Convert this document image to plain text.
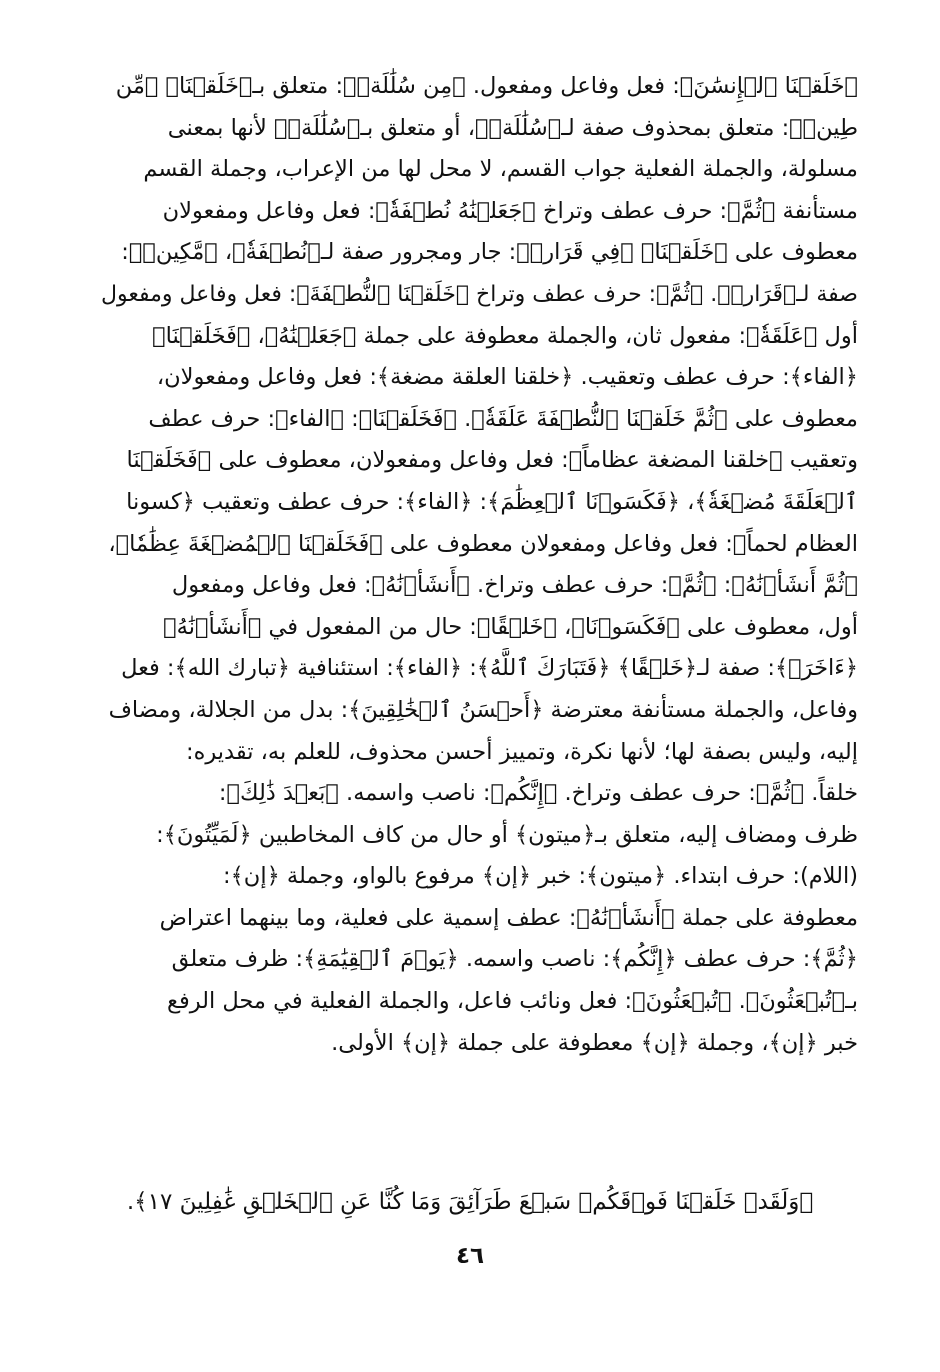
﴿خَلَقۡنَا ٱلۡإِنسَٰنَ﴾: فعل وفاعل ومفعول. ﴿مِن سُلَٰلَةٖ﴾: متعلق بـ﴿خَلَقۡنَا﴾ ﴿مِّن
طِينٖ﴾: متعلق بمحذوف صفة لـ﴿سُلَٰلَةٖ﴾، أو متعلق بـ﴿سُلَٰلَةٖ﴾ لأنها بمعنى
مسلولة، والجملة الفعلية جواب القسم، لا محل لها من الإعراب، وجملة القسم
مستأنفة ﴿ثُمَّ﴾: حرف عطف وتراخ ﴿جَعَلۡنَٰهُ نُطۡفَةٗ﴾: فعل وفاعل ومفعولان
معطوف على ﴿خَلَقۡنَا﴾ ﴿فِي قَرَارٖ﴾: جار ومجرور صفة لـ﴿نُطۡفَةٗ﴾، ﴿مَّكِينٖ﴾:
صفة لـ﴿قَرَارٖ﴾. ﴿ثُمَّ﴾: حرف عطف وتراخ ﴿خَلَقۡنَا ٱلنُّطۡفَةَ﴾: فعل وفاعل ومفعول
أول ﴿عَلَقَةٗ﴾: مفعول ثان، والجملة معطوفة على جملة ﴿جَعَلۡنَٰهُ﴾، ﴿فَخَلَقۡنَا﴾
﴿الفاء﴾: حرف عطف وتعقيب. ﴿خلقنا العلقة مضغة﴾: فعل وفاعل ومفعولان،
معطوف على ﴿ثُمَّ خَلَقۡنَا ٱلنُّطۡفَةَ عَلَقَةٗ﴾. ﴿فَخَلَقۡنَا﴾: ﴿الفاء﴾: حرف عطف
وتعقيب ﴿خلقنا المضغة عظاماً﴾: فعل وفاعل ومفعولان، معطوف على ﴿فَخَلَقۡنَا
ٱلۡعَلَقَةَ مُضۡغَةٗ﴾، ﴿فَكَسَوۡنَا ٱلۡعِظَٰمَ﴾: ﴿الفاء﴾: حرف عطف وتعقيب ﴿كسونا
العظام لحماً﴾: فعل وفاعل ومفعولان معطوف على ﴿فَخَلَقۡنَا ٱلۡمُضۡغَةَ عِظَٰمٗا﴾،
﴿ثُمَّ أَنشَأۡنَٰهُ﴾: ﴿ثُمَّ﴾: حرف عطف وتراخ. ﴿أَنشَأۡنَٰهُ﴾: فعل وفاعل ومفعول
أول، معطوف على ﴿فَكَسَوۡنَا﴾، ﴿خَلۡقًا﴾: حال من المفعول في ﴿أَنشَأۡنَٰهُ﴾
﴿ءَاخَرَۚ﴾: صفة لـ﴿خَلۡقًا﴾ ﴿فَتَبَارَكَ ٱللَّهُ﴾: ﴿الفاء﴾: استئنافية ﴿تبارك الله﴾: فعل
وفاعل، والجملة مستأنفة معترضة ﴿أَحۡسَنُ ٱلۡخَٰلِقِينَ﴾: بدل من الجلالة، ومضاف
إليه، وليس بصفة لها؛ لأنها نكرة، وتمييز أحسن محذوف، للعلم به، تقديره:
خلقاً. ﴿ثُمَّ﴾: حرف عطف وتراخ. ﴿إِنَّكُم﴾: ناصب واسمه. ﴿بَعۡدَ ذَٰلِكَ﴾:
ظرف ومضاف إليه، متعلق بـ﴿ميتون﴾ أو حال من كاف المخاطبين ﴿لَمَيِّتُونَ﴾:
(اللام): حرف ابتداء. ﴿ميتون﴾: خبر ﴿إن﴾ مرفوع بالواو، وجملة ﴿إن﴾:
معطوفة على جملة ﴿أَنشَأۡنَٰهُ﴾: عطف إسمية على فعلية، وما بينهما اعتراض
﴿ثُمَّ﴾: حرف عطف ﴿إِنَّكُم﴾: ناصب واسمه. ﴿يَوۡمَ ٱلۡقِيَٰمَةِ﴾: ظرف متعلق
بـ﴿تُبۡعَثُونَ﴾. ﴿تُبۡعَثُونَ﴾: فعل ونائب فاعل، والجملة الفعلية في محل الرفع
خبر ﴿إن﴾، وجملة ﴿إن﴾ معطوفة على جملة ﴿إن﴾ الأولى.
﴿وَلَقَدۡ خَلَقۡنَا فَوۡقَكُمۡ سَبۡعَ طَرَآئِقَ وَمَا كُنَّا عَنِ ٱلۡخَلۡقِ غَٰفِلِينَ ١٧﴾.
٤٦
